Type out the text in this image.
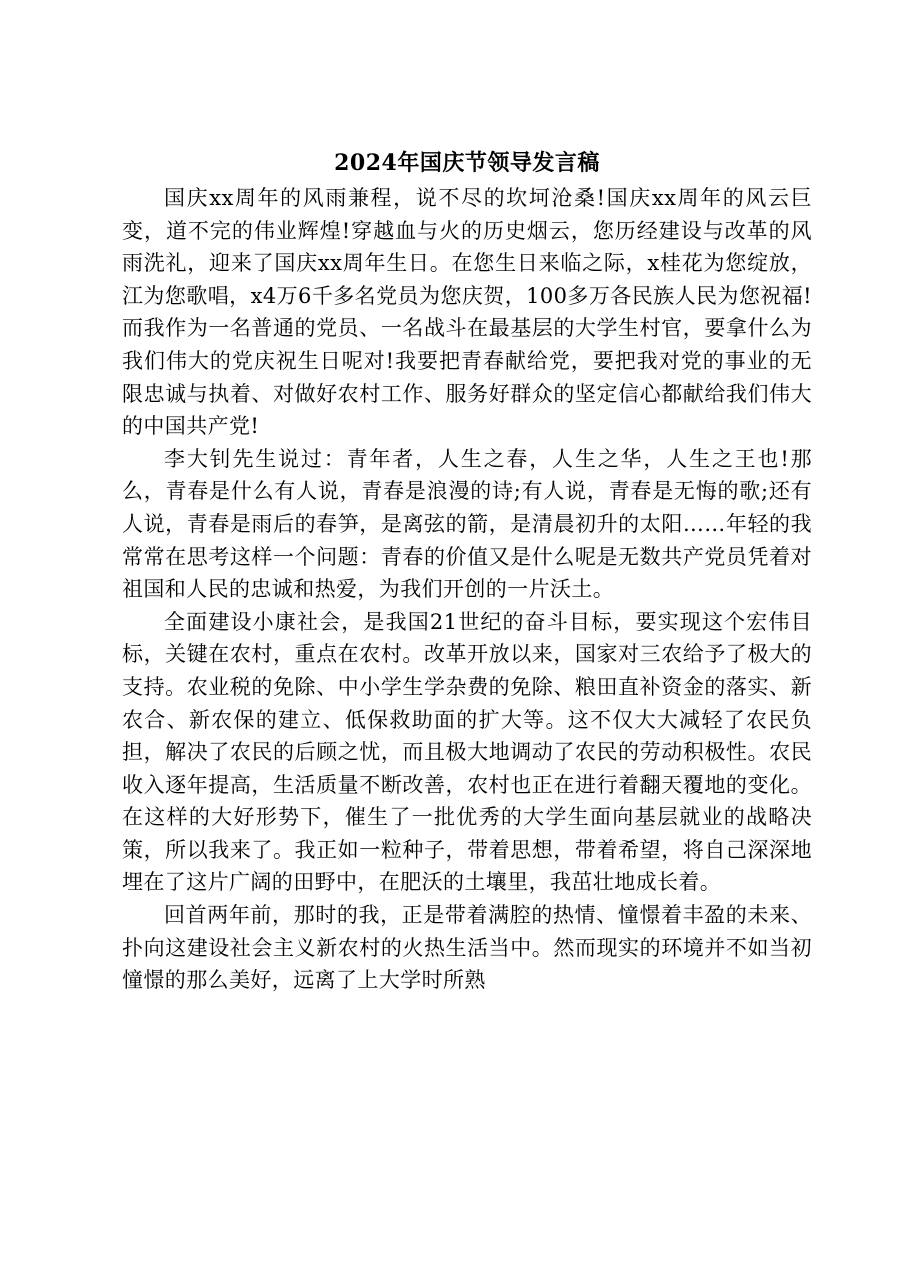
2024年国庆节领导发言稿

国庆xx周年的风雨兼程，说不尽的坎坷沧桑!国庆xx周年的风云巨变，道不完的伟业辉煌!穿越血与火的历史烟云，您历经建设与改革的风雨洗礼，迎来了国庆xx周年生日。在您生日来临之际，x桂花为您绽放，江为您歌唱，x4万6千多名党员为您庆贺，100多万各民族人民为您祝福!而我作为一名普通的党员、一名战斗在最基层的大学生村官，要拿什么为我们伟大的党庆祝生日呢对!我要把青春献给党，要把我对党的事业的无限忠诚与执着、对做好农村工作、服务好群众的坚定信心都献给我们伟大的中国共产党!

李大钊先生说过：青年者，人生之春，人生之华，人生之王也!那么，青春是什么有人说，青春是浪漫的诗;有人说，青春是无悔的歌;还有人说，青春是雨后的春笋，是离弦的箭，是清晨初升的太阳……年轻的我常常在思考这样一个问题：青春的价值又是什么呢是无数共产党员凭着对祖国和人民的忠诚和热爱，为我们开创的一片沃土。

全面建设小康社会，是我国21世纪的奋斗目标，要实现这个宏伟目标，关键在农村，重点在农村。改革开放以来，国家对三农给予了极大的支持。农业税的免除、中小学生学杂费的免除、粮田直补资金的落实、新农合、新农保的建立、低保救助面的扩大等。这不仅大大减轻了农民负担，解决了农民的后顾之忧，而且极大地调动了农民的劳动积极性。农民收入逐年提高，生活质量不断改善，农村也正在进行着翻天覆地的变化。在这样的大好形势下，催生了一批优秀的大学生面向基层就业的战略决策，所以我来了。我正如一粒种子，带着思想，带着希望，将自己深深地埋在了这片广阔的田野中，在肥沃的土壤里，我茁壮地成长着。

回首两年前，那时的我，正是带着满腔的热情、憧憬着丰盈的未来、扑向这建设社会主义新农村的火热生活当中。然而现实的环境并不如当初憧憬的那么美好，远离了上大学时所熟
